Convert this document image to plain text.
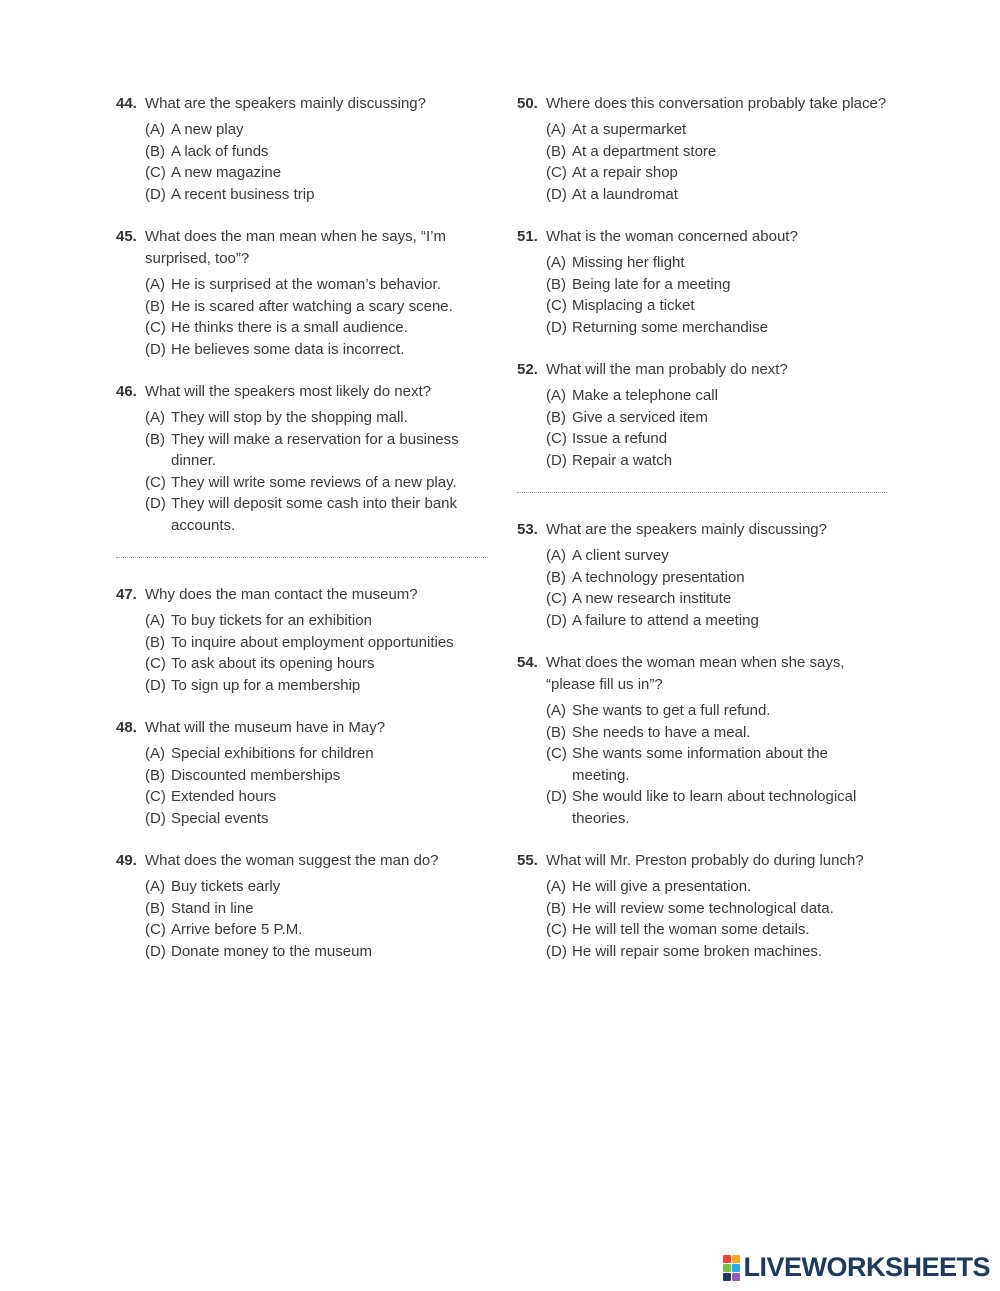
44. What are the speakers mainly discussing?
(A) A new play
(B) A lack of funds
(C) A new magazine
(D) A recent business trip
45. What does the man mean when he says, “I’m surprised, too”?
(A) He is surprised at the woman’s behavior.
(B) He is scared after watching a scary scene.
(C) He thinks there is a small audience.
(D) He believes some data is incorrect.
46. What will the speakers most likely do next?
(A) They will stop by the shopping mall.
(B) They will make a reservation for a business dinner.
(C) They will write some reviews of a new play.
(D) They will deposit some cash into their bank accounts.
47. Why does the man contact the museum?
(A) To buy tickets for an exhibition
(B) To inquire about employment opportunities
(C) To ask about its opening hours
(D) To sign up for a membership
48. What will the museum have in May?
(A) Special exhibitions for children
(B) Discounted memberships
(C) Extended hours
(D) Special events
49. What does the woman suggest the man do?
(A) Buy tickets early
(B) Stand in line
(C) Arrive before 5 P.M.
(D) Donate money to the museum
50. Where does this conversation probably take place?
(A) At a supermarket
(B) At a department store
(C) At a repair shop
(D) At a laundromat
51. What is the woman concerned about?
(A) Missing her flight
(B) Being late for a meeting
(C) Misplacing a ticket
(D) Returning some merchandise
52. What will the man probably do next?
(A) Make a telephone call
(B) Give a serviced item
(C) Issue a refund
(D) Repair a watch
53. What are the speakers mainly discussing?
(A) A client survey
(B) A technology presentation
(C) A new research institute
(D) A failure to attend a meeting
54. What does the woman mean when she says, “please fill us in”?
(A) She wants to get a full refund.
(B) She needs to have a meal.
(C) She wants some information about the meeting.
(D) She would like to learn about technological theories.
55. What will Mr. Preston probably do during lunch?
(A) He will give a presentation.
(B) He will review some technological data.
(C) He will tell the woman some details.
(D) He will repair some broken machines.
LIVEWORKSHEETS
